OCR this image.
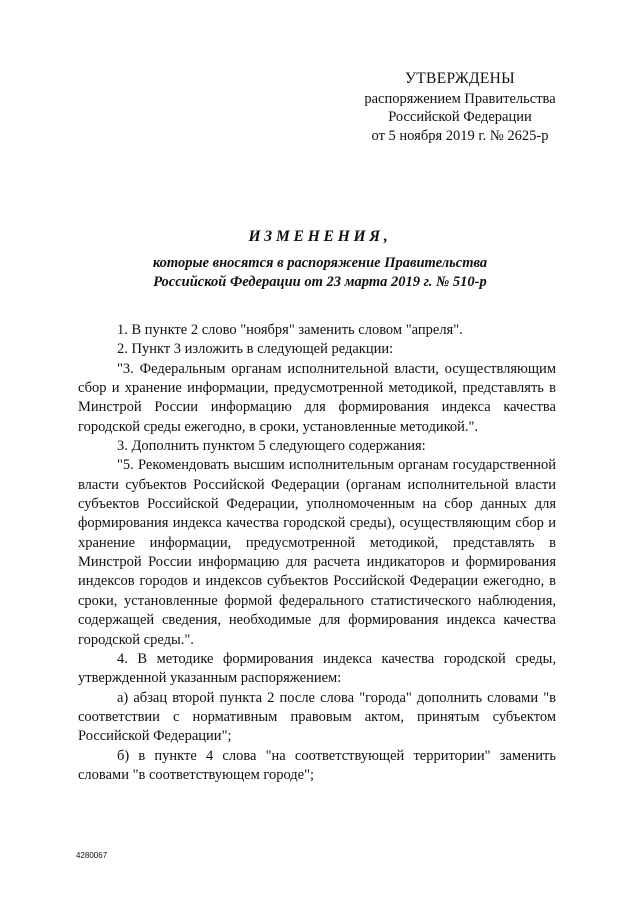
УТВЕРЖДЕНЫ
распоряжением Правительства
Российской Федерации
от 5 ноября 2019 г. № 2625-р
ИЗМЕНЕНИЯ,
которые вносятся в распоряжение Правительства
Российской Федерации от 23 марта 2019 г. № 510-р

1. В пункте 2 слово "ноября" заменить словом "апреля".

2. Пункт 3 изложить в следующей редакции:

"3. Федеральным органам исполнительной власти, осуществляющим сбор и хранение информации, предусмотренной методикой, представлять в Минстрой России информацию для формирования индекса качества городской среды ежегодно, в сроки, установленные методикой.".

3. Дополнить пунктом 5 следующего содержания:

"5. Рекомендовать высшим исполнительным органам государственной власти субъектов Российской Федерации (органам исполнительной власти субъектов Российской Федерации, уполномоченным на сбор данных для формирования индекса качества городской среды), осуществляющим сбор и хранение информации, предусмотренной методикой, представлять в Минстрой России информацию для расчета индикаторов и формирования индексов городов и индексов субъектов Российской Федерации ежегодно, в сроки, установленные формой федерального статистического наблюдения, содержащей сведения, необходимые для формирования индекса качества городской среды.".

4. В методике формирования индекса качества городской среды, утвержденной указанным распоряжением:

а) абзац второй пункта 2 после слова "города" дополнить словами "в соответствии с нормативным правовым актом, принятым субъектом Российской Федерации";

б) в пункте 4 слова "на соответствующей территории" заменить словами "в соответствующем городе";

4280067
